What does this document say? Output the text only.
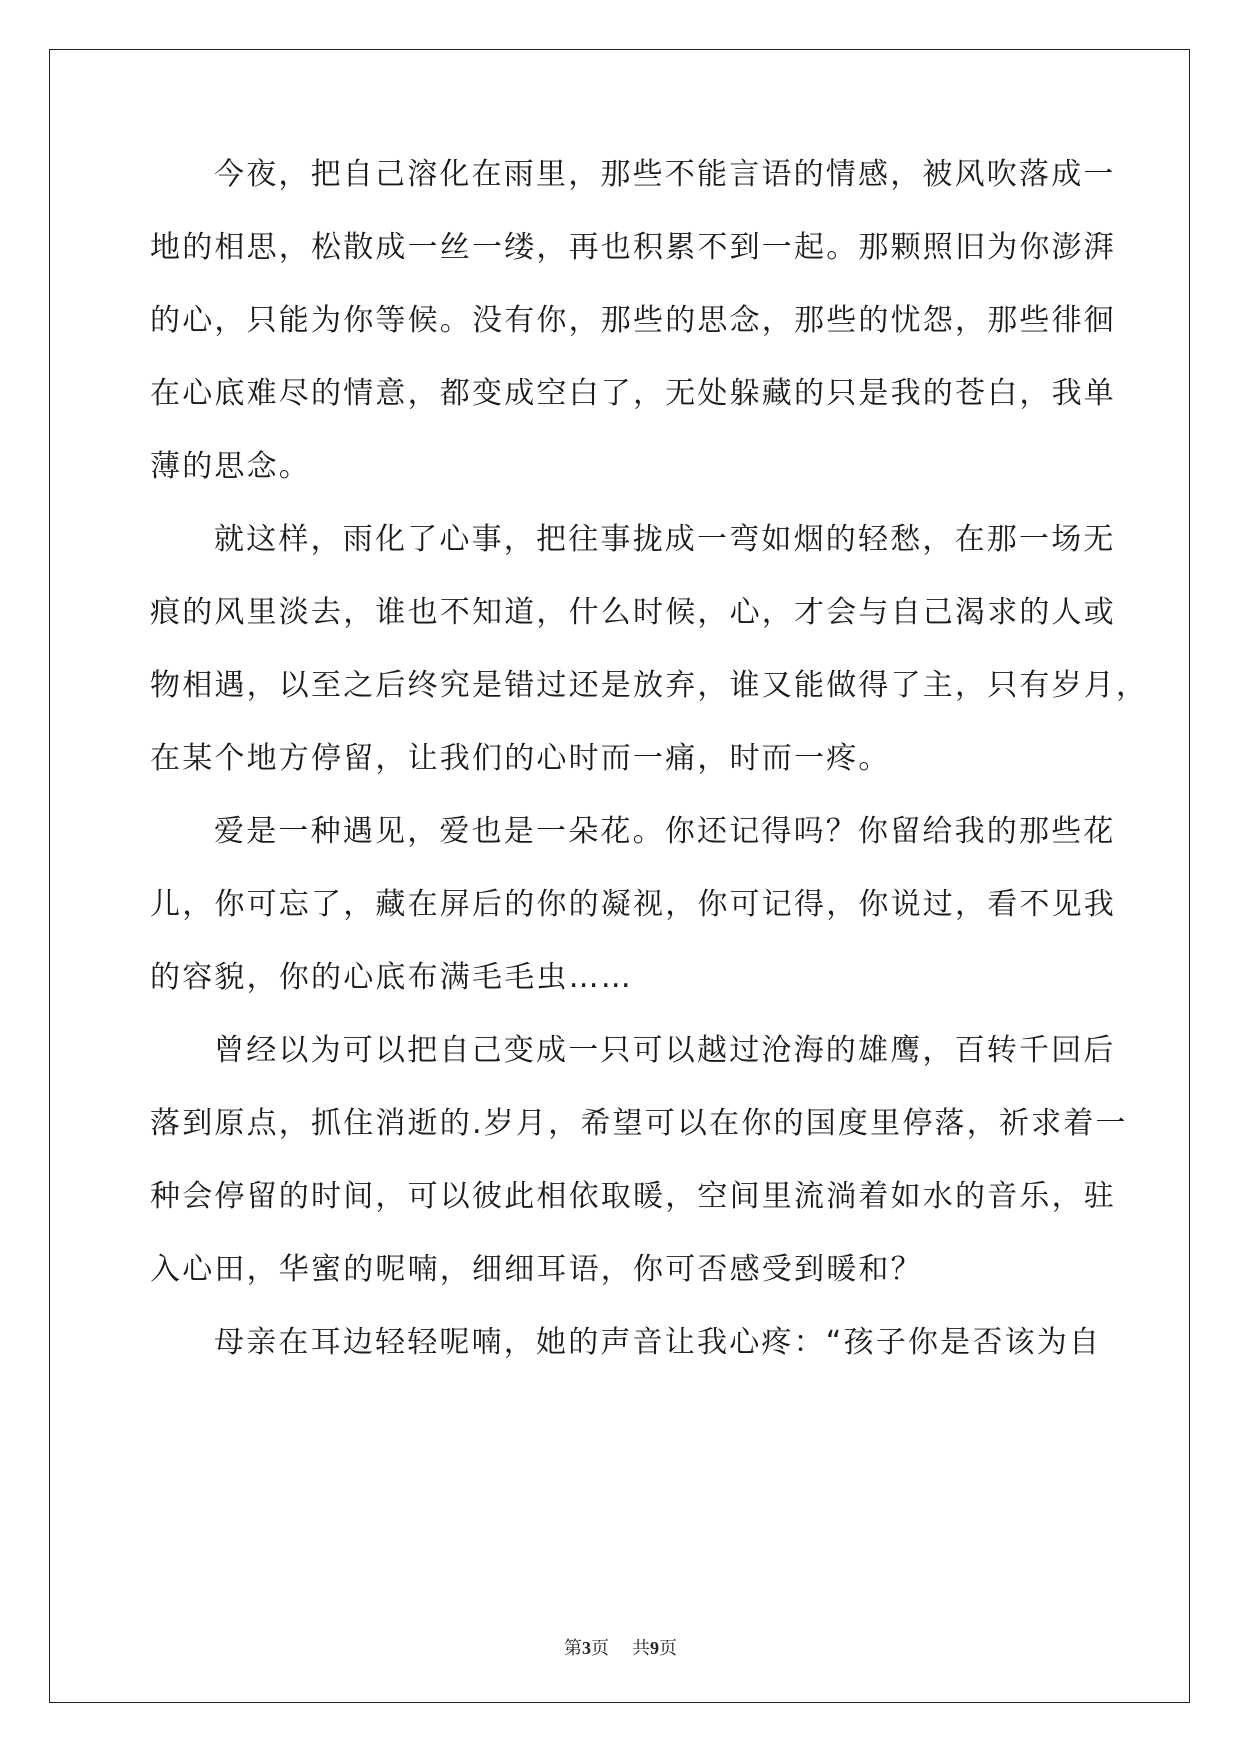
今夜，把自己溶化在雨里，那些不能言语的情感，被风吹落成一
地的相思，松散成一丝一缕，再也积累不到一起。那颗照旧为你澎湃
的心，只能为你等候。没有你，那些的思念，那些的忧怨，那些徘徊
在心底难尽的情意，都变成空白了，无处躲藏的只是我的苍白，我单
薄的思念。
就这样，雨化了心事，把往事拢成一弯如烟的轻愁，在那一场无
痕的风里淡去，谁也不知道，什么时候，心，才会与自己渴求的人或
物相遇，以至之后终究是错过还是放弃，谁又能做得了主，只有岁月，
在某个地方停留，让我们的心时而一痛，时而一疼。
爱是一种遇见，爱也是一朵花。你还记得吗？你留给我的那些花
儿，你可忘了，藏在屏后的你的凝视，你可记得，你说过，看不见我
的容貌，你的心底布满毛毛虫……
曾经以为可以把自己变成一只可以越过沧海的雄鹰，百转千回后
落到原点，抓住消逝的.岁月，希望可以在你的国度里停落，祈求着一
种会停留的时间，可以彼此相依取暖，空间里流淌着如水的音乐，驻
入心田，华蜜的呢喃，细细耳语，你可否感受到暖和？
母亲在耳边轻轻呢喃，她的声音让我心疼：“孩子你是否该为自
第3页 共9页
